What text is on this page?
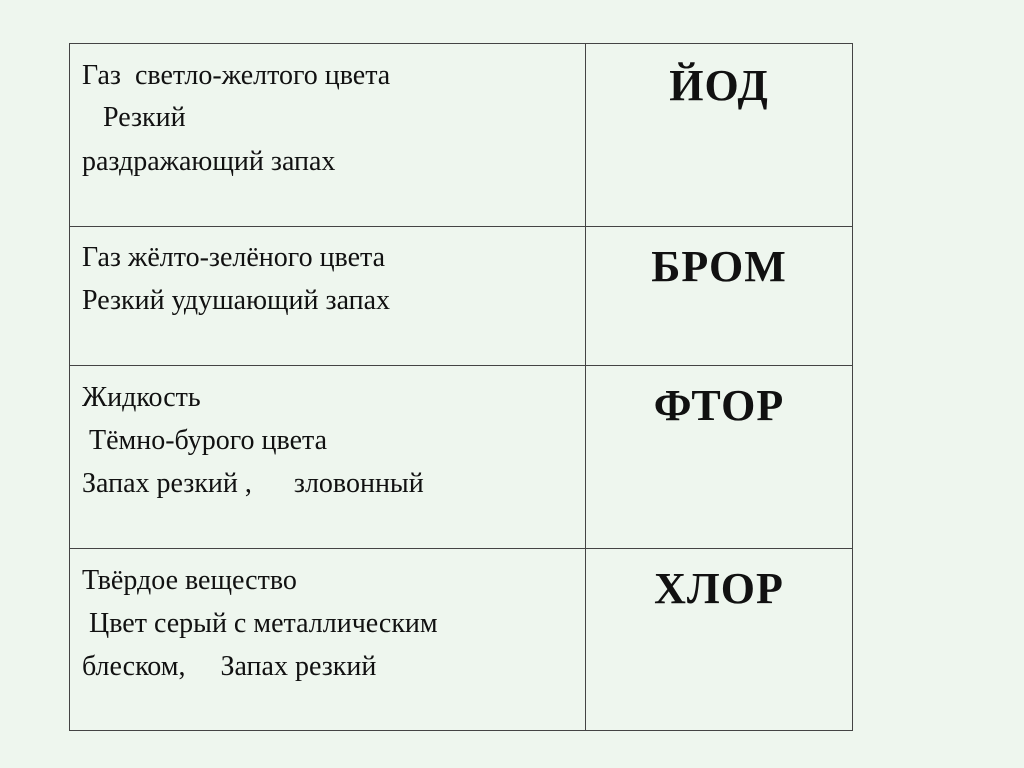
Газ  светло-желтого цвета
Резкий
раздражающий запах
ЙОД
Газ жёлто-зелёного цвета
Резкий удушающий запах
БРОМ
Жидкость
Тёмно-бурого цвета
Запах резкий ,      зловонный
ФТОР
Твёрдое вещество
Цвет серый с металлическим
блеском,     Запах резкий
ХЛОР
